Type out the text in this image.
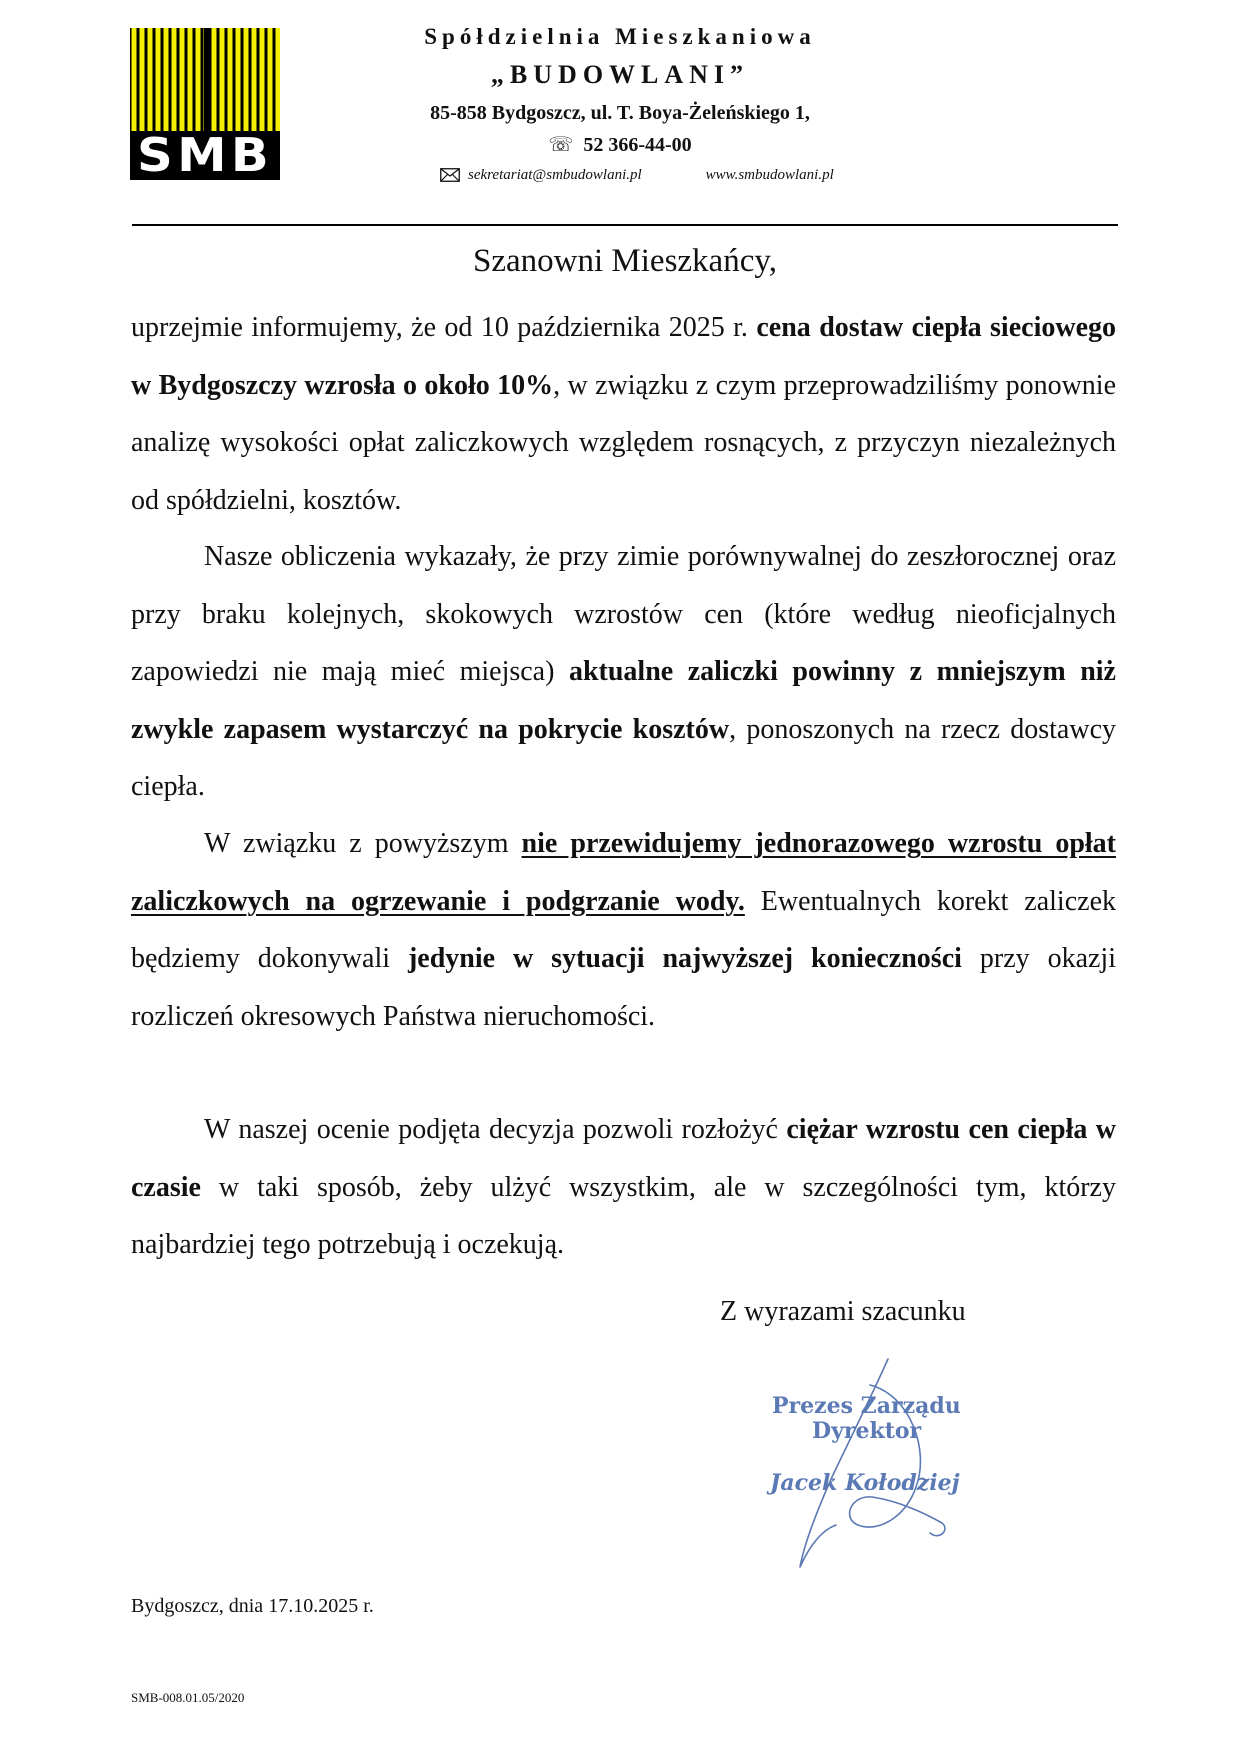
SMB
Spółdzielnia Mieszkaniowa
„BUDOWLANI”
85-858 Bydgoszcz, ul. T. Boya-Żeleńskiego 1,
☏ 52 366-44-00
sekretariat@smbudowlani.pl	www.smbudowlani.pl
Szanowni Mieszkańcy,

uprzejmie informujemy, że od 10 października 2025 r. cena dostaw ciepła sieciowego w Bydgoszczy wzrosła o około 10%, w związku z czym przeprowadziliśmy ponownie analizę wysokości opłat zaliczkowych względem rosnących, z przyczyn niezależnych od spółdzielni, kosztów.

Nasze obliczenia wykazały, że przy zimie porównywalnej do zeszłorocznej oraz przy braku kolejnych, skokowych wzrostów cen (które według nieoficjalnych zapowiedzi nie mają mieć miejsca) aktualne zaliczki powinny z mniejszym niż zwykle zapasem wystarczyć na pokrycie kosztów, ponoszonych na rzecz dostawcy ciepła.

W związku z powyższym nie przewidujemy jednorazowego wzrostu opłat zaliczkowych na ogrzewanie i podgrzanie wody. Ewentualnych korekt zaliczek będziemy dokonywali jedynie w sytuacji najwyższej konieczności przy okazji rozliczeń okresowych Państwa nieruchomości.

W naszej ocenie podjęta decyzja pozwoli rozłożyć ciężar wzrostu cen ciepła w czasie w taki sposób, żeby ulżyć wszystkim, ale w szczególności tym, którzy najbardziej tego potrzebują i oczekują.

Z wyrazami szacunku
Prezes Zarządu
Dyrektor
Jacek Kołodziej
Bydgoszcz, dnia 17.10.2025 r.
SMB-008.01.05/2020
